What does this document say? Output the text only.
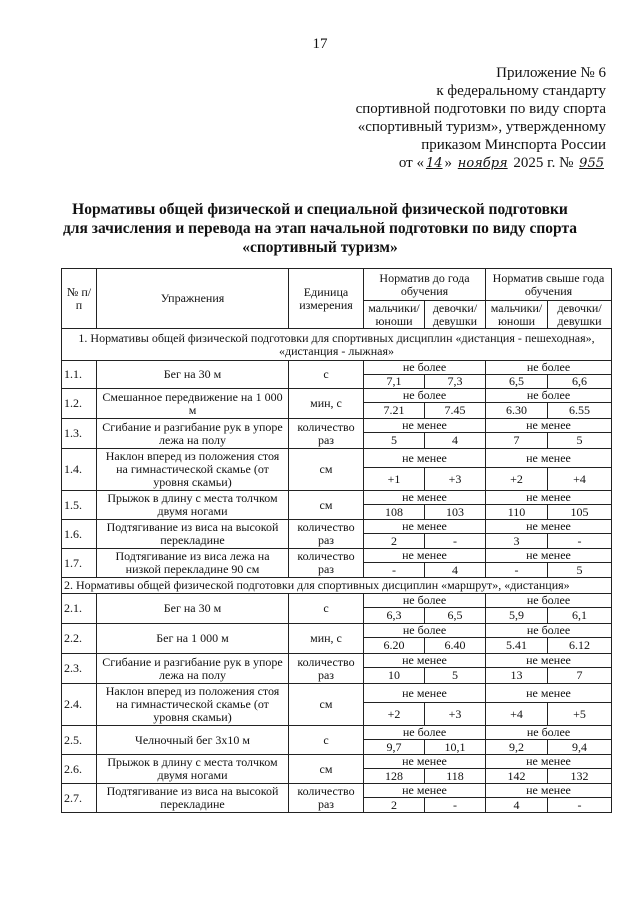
17
Приложение № 6
к федеральному стандарту
спортивной подготовки по виду спорта
«спортивный туризм», утвержденному
приказом Минспорта России
от « 14 » ноября 2025 г. № 955
Нормативы общей физической и специальной физической подготовки
для зачисления и перевода на этап начальной подготовки по виду спорта
«спортивный туризм»
№ п/п	Упражнения	Единица измерения	Норматив до года обучения		Норматив свыше года обучения	
			мальчики/ юноши	девочки/ девушки	мальчики/ юноши	девочки/ девушки
1. Нормативы общей физической подготовки для спортивных дисциплин «дистанция - пешеходная», «дистанция - лыжная»						
1.1.	Бег на 30 м	с	не более		не более	
			7,1	7,3	6,5	6,6
1.2.	Смешанное передвижение на 1 000 м	мин, с	не более		не более	
			7.21	7.45	6.30	6.55
1.3.	Сгибание и разгибание рук в упоре лежа на полу	количество раз	не менее		не менее	
			5	4	7	5
1.4.	Наклон вперед из положения стоя на гимнастической скамье (от уровня скамьи)	см	не менее		не менее	
			+1	+3	+2	+4
1.5.	Прыжок в длину с места толчком двумя ногами	см	не менее		не менее	
			108	103	110	105
1.6.	Подтягивание из виса на высокой перекладине	количество раз	не менее		не менее	
			2	-	3	-
1.7.	Подтягивание из виса лежа на низкой перекладине 90 см	количество раз	не менее		не менее	
			-	4	-	5
2. Нормативы общей физической подготовки для спортивных дисциплин «маршрут», «дистанция»						
2.1.	Бег на 30 м	с	не более		не более	
			6,3	6,5	5,9	6,1
2.2.	Бег на 1 000 м	мин, с	не более		не более	
			6.20	6.40	5.41	6.12
2.3.	Сгибание и разгибание рук в упоре лежа на полу	количество раз	не менее		не менее	
			10	5	13	7
2.4.	Наклон вперед из положения стоя на гимнастической скамье (от уровня скамьи)	см	не менее		не менее	
			+2	+3	+4	+5
2.5.	Челночный бег 3x10 м	с	не более		не более	
			9,7	10,1	9,2	9,4
2.6.	Прыжок в длину с места толчком двумя ногами	см	не менее		не менее	
			128	118	142	132
2.7.	Подтягивание из виса на высокой перекладине	количество раз	не менее		не менее	
			2	-	4	-
